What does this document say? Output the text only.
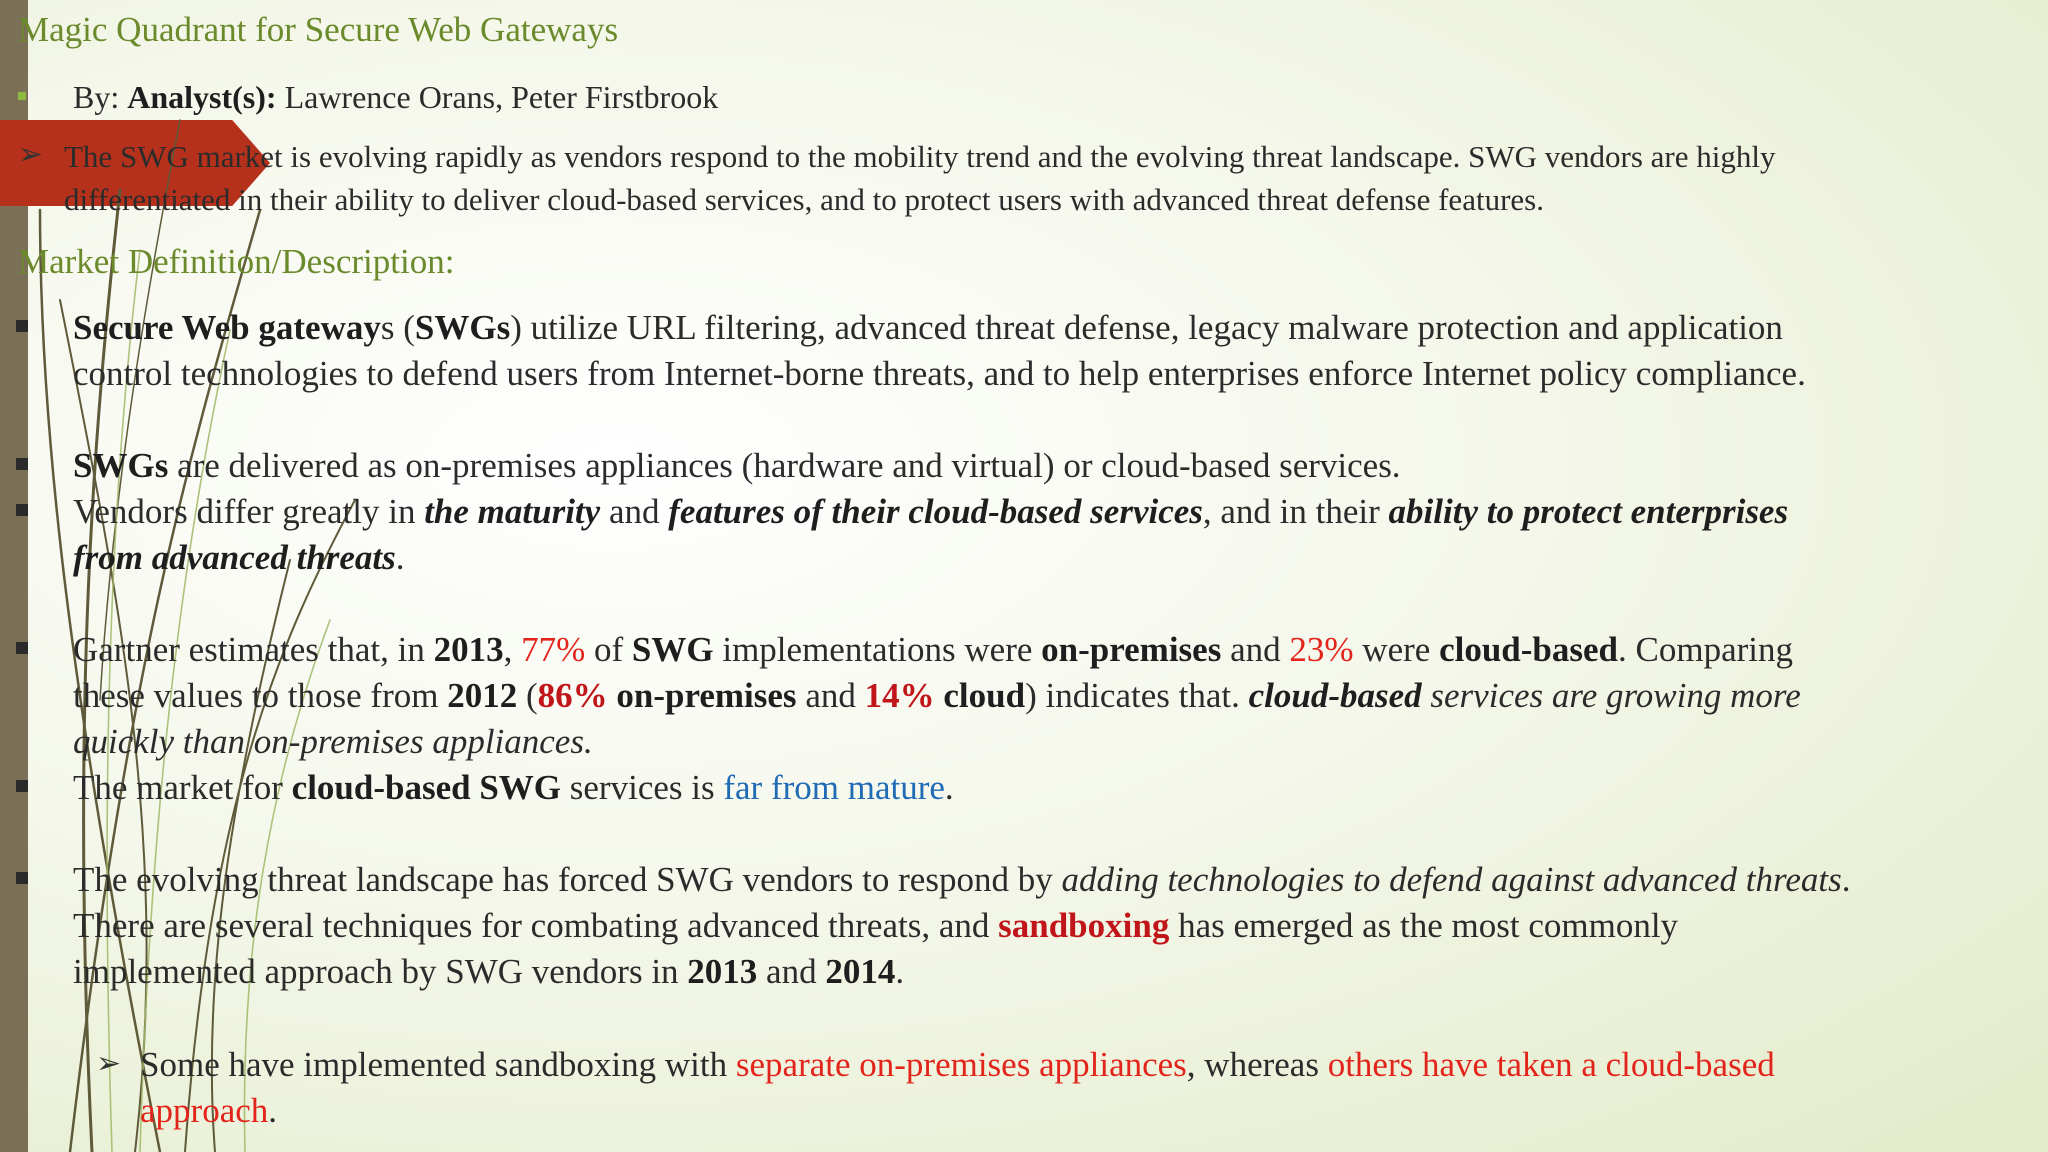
Magic Quadrant for Secure Web Gateways
By: Analyst(s): Lawrence Orans, Peter Firstbrook
➢ The SWG market is evolving rapidly as vendors respond to the mobility trend and the evolving threat landscape. SWG vendors are highly
differentiated in their ability to deliver cloud-based services, and to protect users with advanced threat defense features.
Market Definition/Description:
Secure Web gateways (SWGs) utilize URL filtering, advanced threat defense, legacy malware protection and application
control technologies to defend users from Internet-borne threats, and to help enterprises enforce Internet policy compliance.
SWGs are delivered as on-premises appliances (hardware and virtual) or cloud-based services.
Vendors differ greatly in the maturity and features of their cloud-based services, and in their ability to protect enterprises
from advanced threats.
Gartner estimates that, in 2013, 77% of SWG implementations were on-premises and 23% were cloud-based. Comparing
these values to those from 2012 (86% on-premises and 14% cloud) indicates that. cloud-based services are growing more
quickly than on-premises appliances.
The market for cloud-based SWG services is far from mature.
The evolving threat landscape has forced SWG vendors to respond by adding technologies to defend against advanced threats.
There are several techniques for combating advanced threats, and sandboxing has emerged as the most commonly
implemented approach by SWG vendors in 2013 and 2014.
➢ Some have implemented sandboxing with separate on-premises appliances, whereas others have taken a cloud-based
approach.
